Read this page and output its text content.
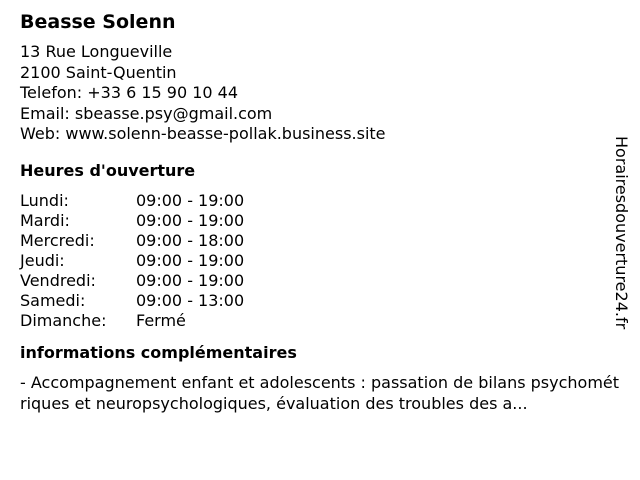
Beasse Solenn
13 Rue Longueville
2100 Saint-Quentin
Telefon: +33 6 15 90 10 44
Email: sbeasse.psy@gmail.com
Web: www.solenn-beasse-pollak.business.site
Heures d'ouverture
Lundi:	09:00 - 19:00
Mardi:	09:00 - 19:00
Mercredi:	09:00 - 18:00
Jeudi:	09:00 - 19:00
Vendredi:	09:00 - 19:00
Samedi:	09:00 - 13:00
Dimanche: Fermé
informations complémentaires
- Accompagnement enfant et adolescents : passation de bilans psychométriques et neuropsychologiques, évaluation des troubles des a...
Horairesdouverture24.fr
